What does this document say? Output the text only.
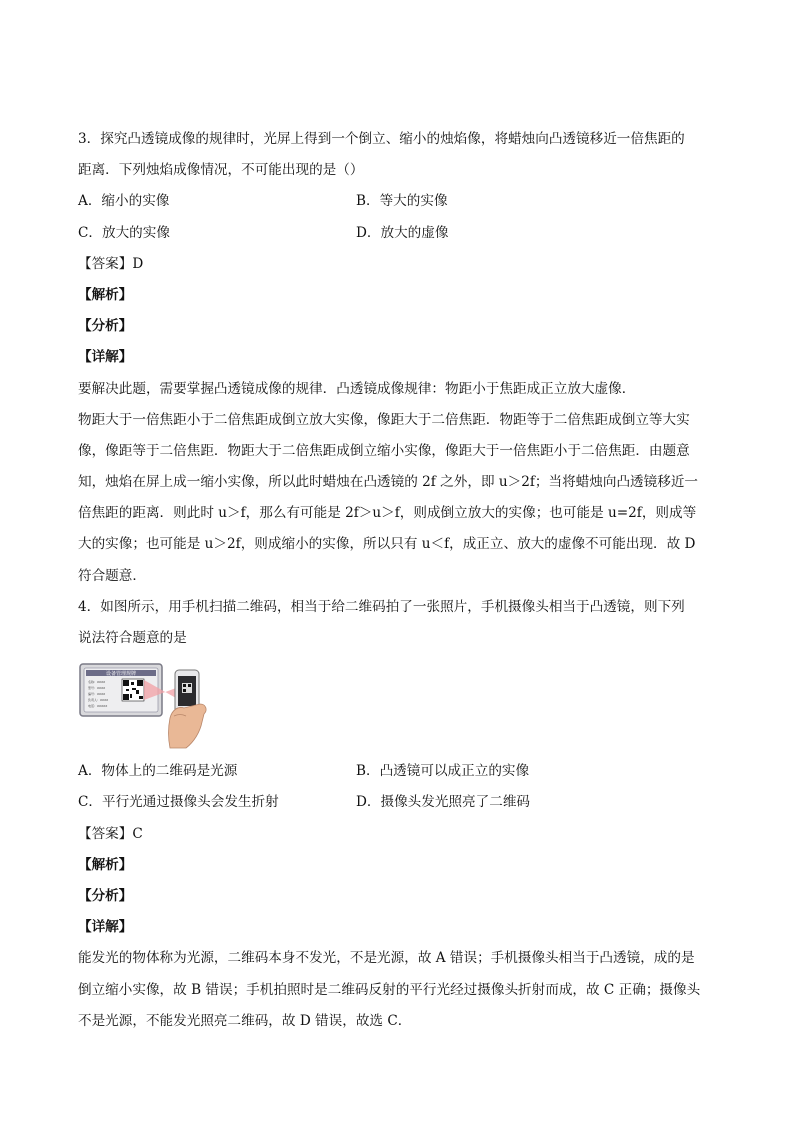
3．探究凸透镜成像的规律时，光屏上得到一个倒立、缩小的烛焰像，将蜡烛向凸透镜移近一倍焦距的
距离．下列烛焰成像情况，不可能出现的是（）
A．缩小的实像	B．等大的实像
C．放大的实像	D．放大的虚像
【答案】D
【解析】
【分析】
【详解】
要解决此题，需要掌握凸透镜成像的规律．凸透镜成像规律：物距小于焦距成正立放大虚像．
物距大于一倍焦距小于二倍焦距成倒立放大实像，像距大于二倍焦距．物距等于二倍焦距成倒立等大实
像，像距等于二倍焦距．物距大于二倍焦距成倒立缩小实像，像距大于一倍焦距小于二倍焦距．由题意
知，烛焰在屏上成一缩小实像，所以此时蜡烛在凸透镜的 2f 之外，即 u＞2f；当将蜡烛向凸透镜移近一
倍焦距的距离．则此时 u＞f，那么有可能是 2f＞u＞f，则成倒立放大的实像；也可能是 u=2f，则成等
大的实像；也可能是 u＞2f，则成缩小的实像，所以只有 u＜f，成正立、放大的虚像不可能出现．故 D
符合题意．
4．如图所示，用手机扫描二维码，相当于给二维码拍了一张照片，手机摄像头相当于凸透镜，则下列
说法符合题意的是
设备管理规牌
名称：XXXX
型号：XXXX
编号：XXXX
负责人：XXXX
电话：XXXXX
A．物体上的二维码是光源	B．凸透镜可以成正立的实像
C．平行光通过摄像头会发生折射	D．摄像头发光照亮了二维码
【答案】C
【解析】
【分析】
【详解】
能发光的物体称为光源，二维码本身不发光，不是光源，故 A 错误；手机摄像头相当于凸透镜，成的是
倒立缩小实像，故 B 错误；手机拍照时是二维码反射的平行光经过摄像头折射而成，故 C 正确；摄像头
不是光源，不能发光照亮二维码，故 D 错误，故选 C．
